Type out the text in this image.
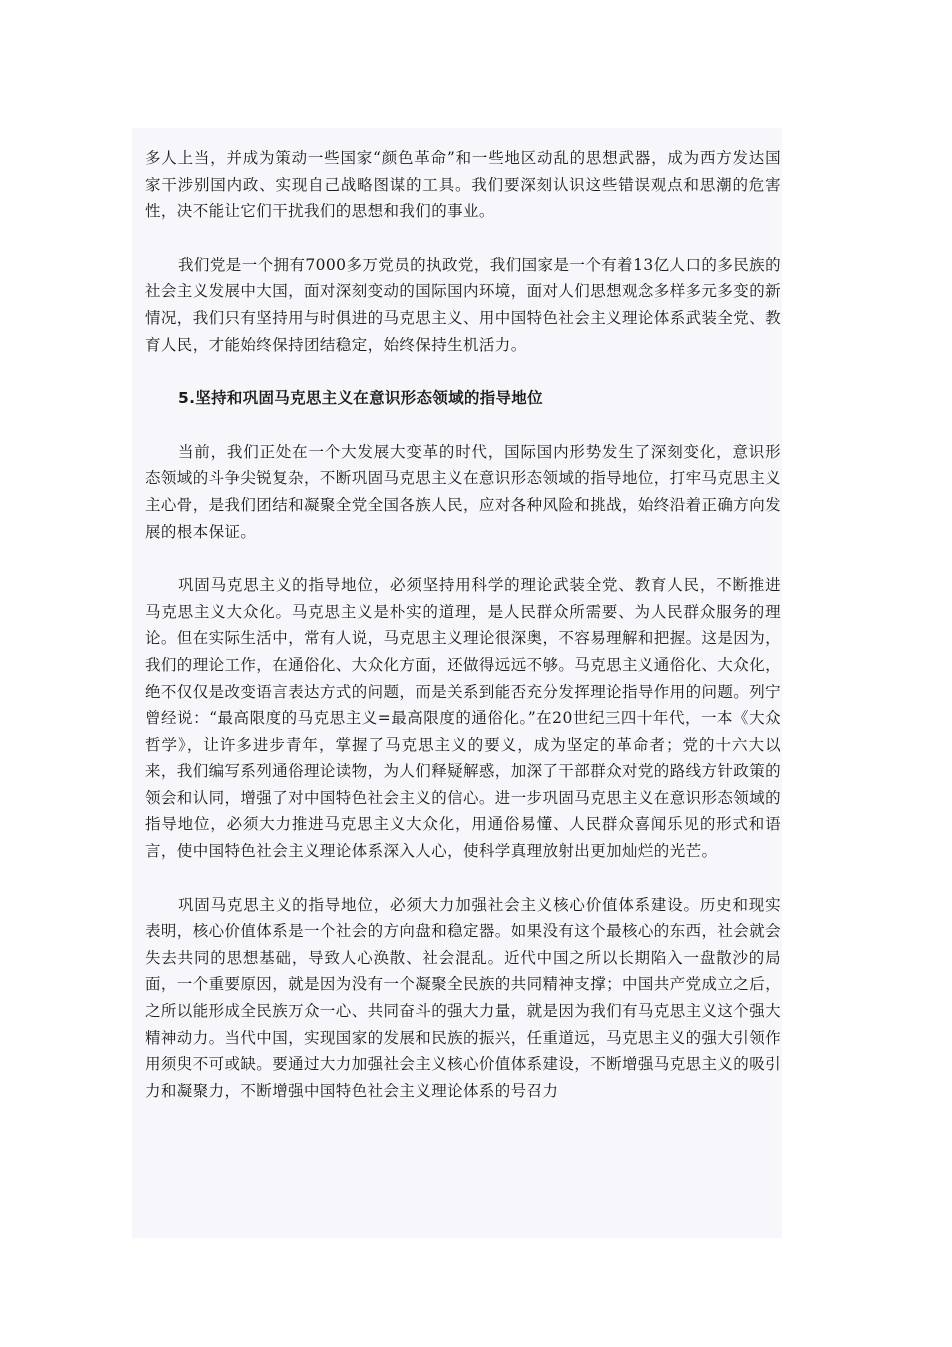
多人上当，并成为策动一些国家“颜色革命”和一些地区动乱的思想武器，成为西方发达国家干涉别国内政、实现自己战略图谋的工具。我们要深刻认识这些错误观点和思潮的危害性，决不能让它们干扰我们的思想和我们的事业。

我们党是一个拥有7000多万党员的执政党，我们国家是一个有着13亿人口的多民族的社会主义发展中大国，面对深刻变动的国际国内环境，面对人们思想观念多样多元多变的新情况，我们只有坚持用与时俱进的马克思主义、用中国特色社会主义理论体系武装全党、教育人民，才能始终保持团结稳定，始终保持生机活力。

5.坚持和巩固马克思主义在意识形态领域的指导地位

当前，我们正处在一个大发展大变革的时代，国际国内形势发生了深刻变化，意识形态领域的斗争尖锐复杂，不断巩固马克思主义在意识形态领域的指导地位，打牢马克思主义主心骨，是我们团结和凝聚全党全国各族人民，应对各种风险和挑战，始终沿着正确方向发展的根本保证。

巩固马克思主义的指导地位，必须坚持用科学的理论武装全党、教育人民，不断推进马克思主义大众化。马克思主义是朴实的道理，是人民群众所需要、为人民群众服务的理论。但在实际生活中，常有人说，马克思主义理论很深奥，不容易理解和把握。这是因为，我们的理论工作，在通俗化、大众化方面，还做得远远不够。马克思主义通俗化、大众化，绝不仅仅是改变语言表达方式的问题，而是关系到能否充分发挥理论指导作用的问题。列宁曾经说：“最高限度的马克思主义=最高限度的通俗化。”在20世纪三四十年代，一本《大众哲学》，让许多进步青年，掌握了马克思主义的要义，成为坚定的革命者；党的十六大以来，我们编写系列通俗理论读物，为人们释疑解惑，加深了干部群众对党的路线方针政策的领会和认同，增强了对中国特色社会主义的信心。进一步巩固马克思主义在意识形态领域的指导地位，必须大力推进马克思主义大众化，用通俗易懂、人民群众喜闻乐见的形式和语言，使中国特色社会主义理论体系深入人心，使科学真理放射出更加灿烂的光芒。

巩固马克思主义的指导地位，必须大力加强社会主义核心价值体系建设。历史和现实表明，核心价值体系是一个社会的方向盘和稳定器。如果没有这个最核心的东西，社会就会失去共同的思想基础，导致人心涣散、社会混乱。近代中国之所以长期陷入一盘散沙的局面，一个重要原因，就是因为没有一个凝聚全民族的共同精神支撑；中国共产党成立之后，之所以能形成全民族万众一心、共同奋斗的强大力量，就是因为我们有马克思主义这个强大精神动力。当代中国，实现国家的发展和民族的振兴，任重道远，马克思主义的强大引领作用须臾不可或缺。要通过大力加强社会主义核心价值体系建设，不断增强马克思主义的吸引力和凝聚力，不断增强中国特色社会主义理论体系的号召力
